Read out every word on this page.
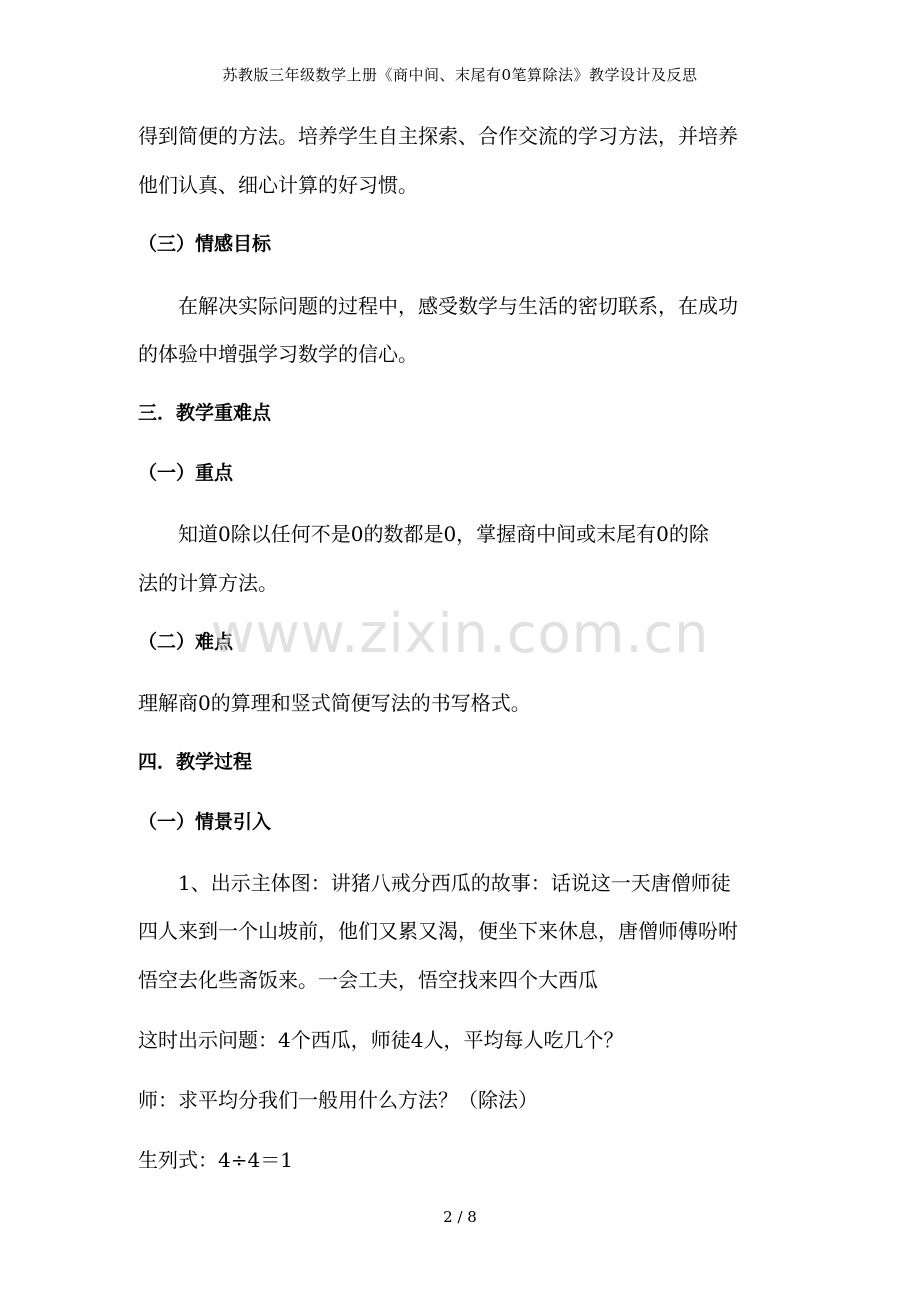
苏教版三年级数学上册《商中间、末尾有0笔算除法》教学设计及反思
得到简便的方法。培养学生自主探索、合作交流的学习方法，并培养
他们认真、细心计算的好习惯。
（三）情感目标
在解决实际问题的过程中，感受数学与生活的密切联系，在成功
的体验中增强学习数学的信心。
三．教学重难点
（一）重点
知道0除以任何不是0的数都是0，掌握商中间或末尾有0的除
法的计算方法。
（二）难点
理解商0的算理和竖式简便写法的书写格式。
四．教学过程
（一）情景引入
1、出示主体图：讲猪八戒分西瓜的故事：话说这一天唐僧师徒
四人来到一个山坡前，他们又累又渴，便坐下来休息，唐僧师傅吩咐
悟空去化些斋饭来。一会工夫，悟空找来四个大西瓜
这时出示问题：4个西瓜，师徒4人，平均每人吃几个？
师：求平均分我们一般用什么方法？（除法）
生列式：4÷4＝1
www.zixin.com.cn
2 / 8
